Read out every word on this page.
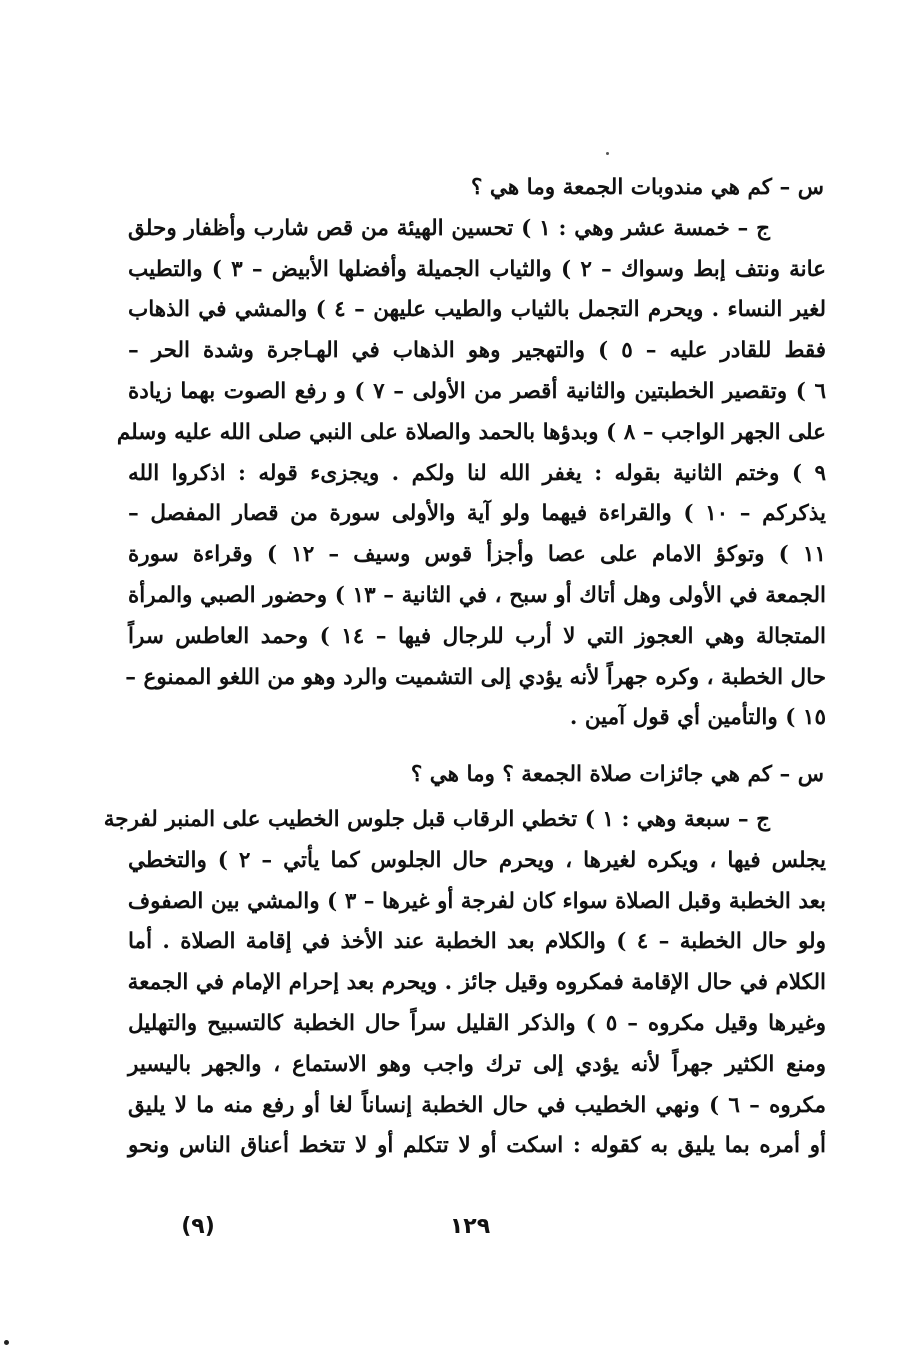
س – كم هي مندوبات الجمعة وما هي ؟

ج – خمسة عشر وهي : ١ ) تحسين الهيئة من قص شارب وأظفار وحلق
عانة ونتف إبط وسواك – ٢ ) والثياب الجميلة وأفضلها الأبيض – ٣ ) والتطيب
لغير النساء . ويحرم التجمل بالثياب والطيب عليهن – ٤ ) والمشي في الذهاب
فقط للقادر عليه – ٥ ) والتهجير وهو الذهاب في الهـاجرة وشدة الحر –
٦ ) وتقصير الخطبتين والثانية أقصر من الأولى – ٧ ) و رفع الصوت بهما زيادة
على الجهر الواجب – ٨ ) وبدؤها بالحمد والصلاة على النبي صلى الله عليه وسلم
٩ ) وختم الثانية بقوله : يغفر الله لنا ولكم . ويجزىء قوله : اذكروا الله
يذكركم – ١٠ ) والقراءة فيهما ولو آية والأولى سورة من قصار المفصل –
١١ ) وتوكؤ الامام على عصا وأجزأ قوس وسيف – ١٢ ) وقراءة سورة
الجمعة في الأولى وهل أتاك أو سبح ، في الثانية – ١٣ ) وحضور الصبي والمرأة
المتجالة وهي العجوز التي لا أرب للرجال فيها – ١٤ ) وحمد العاطس سراً
حال الخطبة ، وكره جهراً لأنه يؤدي إلى التشميت والرد وهو من اللغو الممنوع –
١٥ ) والتأمين أي قول آمين .

س – كم هي جائزات صلاة الجمعة ؟ وما هي ؟

ج – سبعة وهي : ١ ) تخطي الرقاب قبل جلوس الخطيب على المنبر لفرجة
يجلس فيها ، ويكره لغيرها ، ويحرم حال الجلوس كما يأتي – ٢ ) والتخطي
بعد الخطبة وقبل الصلاة سواء كان لفرجة أو غيرها – ٣ ) والمشي بين الصفوف
ولو حال الخطبة – ٤ ) والكلام بعد الخطبة عند الأخذ في إقامة الصلاة . أما
الكلام في حال الإقامة فمكروه وقيل جائز . ويحرم بعد إحرام الإمام في الجمعة
وغيرها وقيل مكروه – ٥ ) والذكر القليل سراً حال الخطبة كالتسبيح والتهليل
ومنع الكثير جهراً لأنه يؤدي إلى ترك واجب وهو الاستماع ، والجهر باليسير
مكروه – ٦ ) ونهي الخطيب في حال الخطبة إنساناً لغا أو رفع منه ما لا يليق
أو أمره بما يليق به كقوله : اسكت أو لا تتكلم أو لا تتخط أعناق الناس ونحو
١٢٩
(٩)
